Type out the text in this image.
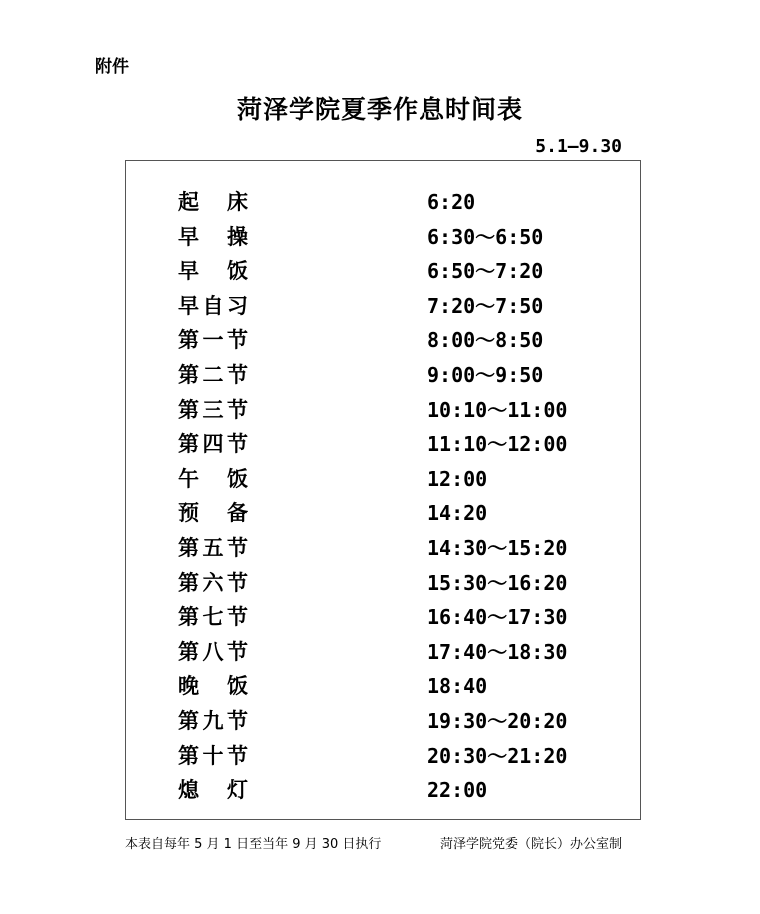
附件
菏泽学院夏季作息时间表
5.1—9.30
起 床	6:20
早 操	6:30～6:50
早 饭	6:50～7:20
早 自 习	7:20～7:50
第 一 节	8:00～8:50
第 二 节	9:00～9:50
第 三 节	10:10～11:00
第 四 节	11:10～12:00
午 饭	12:00
预 备	14:20
第 五 节	14:30～15:20
第 六 节	15:30～16:20
第 七 节	16:40～17:30
第 八 节	17:40～18:30
晚 饭	18:40
第 九 节	19:30～20:20
第 十 节	20:30～21:20
熄 灯	22:00
本表自每年 5 月 1 日至当年 9 月 30 日执行	菏泽学院党委（院长）办公室制
